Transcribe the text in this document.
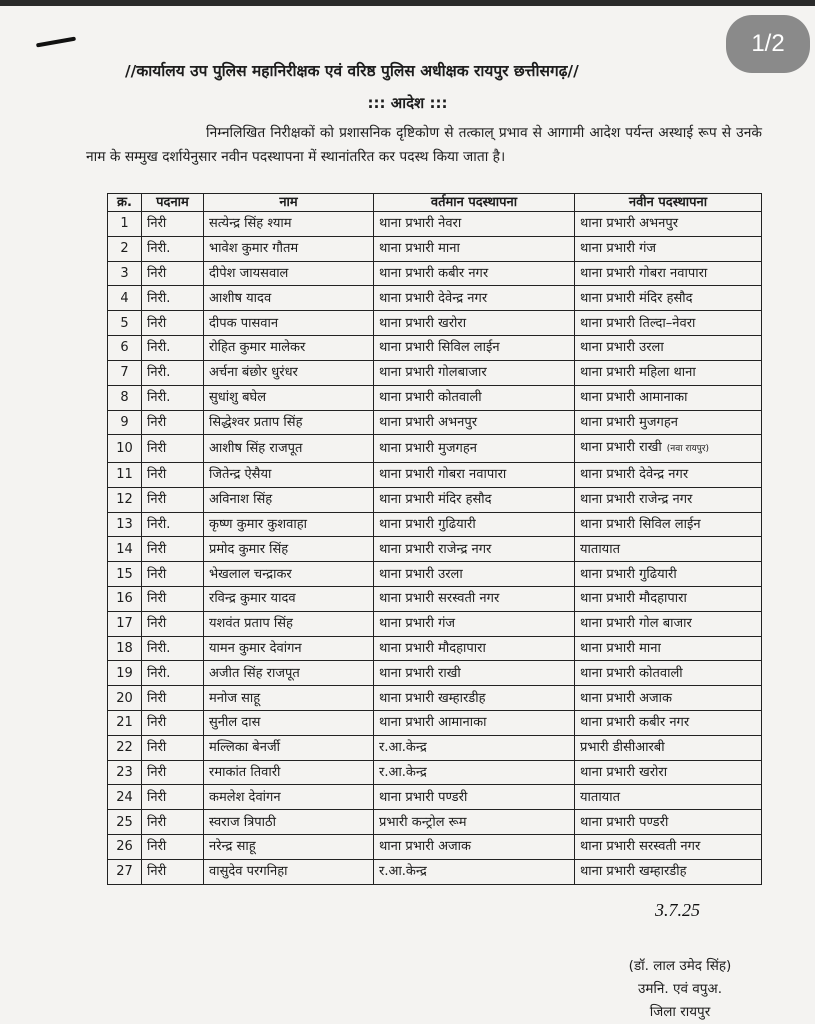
1/2
//कार्यालय उप पुलिस महानिरीक्षक एवं वरिष्ठ पुलिस अधीक्षक रायपुर छत्तीसगढ़//
::: आदेश :::
निम्नलिखित निरीक्षकों को प्रशासनिक दृष्टिकोण से तत्काल् प्रभाव से आगामी आदेश पर्यन्त अस्थाई रूप से उनके नाम के सम्मुख दर्शायेनुसार नवीन पदस्थापना में स्थानांतरित कर पदस्थ किया जाता है।
क्र.	पदनाम	नाम	वर्तमान पदस्थापना	नवीन पदस्थापना
1	निरी	सत्येन्द्र सिंह श्याम	थाना प्रभारी नेवरा	थाना प्रभारी अभनपुर
2	निरी.	भावेश कुमार गौतम	थाना प्रभारी माना	थाना प्रभारी गंज
3	निरी	दीपेश जायसवाल	थाना प्रभारी कबीर नगर	थाना प्रभारी गोबरा नवापारा
4	निरी.	आशीष यादव	थाना प्रभारी देवेन्द्र नगर	थाना प्रभारी मंदिर हसौद
5	निरी	दीपक पासवान	थाना प्रभारी खरोरा	थाना प्रभारी तिल्दा–नेवरा
6	निरी.	रोहित कुमार मालेकर	थाना प्रभारी सिविल लाईन	थाना प्रभारी उरला
7	निरी.	अर्चना बंछोर धुरंधर	थाना प्रभारी गोलबाजार	थाना प्रभारी महिला थाना
8	निरी.	सुधांशु बघेल	थाना प्रभारी कोतवाली	थाना प्रभारी आमानाका
9	निरी	सिद्धेश्वर प्रताप सिंह	थाना प्रभारी अभनपुर	थाना प्रभारी मुजगहन
10	निरी	आशीष सिंह राजपूत	थाना प्रभारी मुजगहन	थाना प्रभारी राखी (नवा रायपुर)
11	निरी	जितेन्द्र ऐसैया	थाना प्रभारी गोबरा नवापारा	थाना प्रभारी देवेन्द्र नगर
12	निरी	अविनाश सिंह	थाना प्रभारी मंदिर हसौद	थाना प्रभारी राजेन्द्र नगर
13	निरी.	कृष्ण कुमार कुशवाहा	थाना प्रभारी गुढियारी	थाना प्रभारी सिविल लाईन
14	निरी	प्रमोद कुमार सिंह	थाना प्रभारी राजेन्द्र नगर	यातायात
15	निरी	भेखलाल चन्द्राकर	थाना प्रभारी उरला	थाना प्रभारी गुढियारी
16	निरी	रविन्द्र कुमार यादव	थाना प्रभारी सरस्वती नगर	थाना प्रभारी मौदहापारा
17	निरी	यशवंत प्रताप सिंह	थाना प्रभारी गंज	थाना प्रभारी गोल बाजार
18	निरी.	यामन कुमार देवांगन	थाना प्रभारी मौदहापारा	थाना प्रभारी माना
19	निरी.	अजीत सिंह राजपूत	थाना प्रभारी राखी	थाना प्रभारी कोतवाली
20	निरी	मनोज साहू	थाना प्रभारी खम्हारडीह	थाना प्रभारी अजाक
21	निरी	सुनील दास	थाना प्रभारी आमानाका	थाना प्रभारी कबीर नगर
22	निरी	मल्लिका बेनर्जी	र.आ.केन्द्र	प्रभारी डीसीआरबी
23	निरी	रमाकांत तिवारी	र.आ.केन्द्र	थाना प्रभारी खरोरा
24	निरी	कमलेश देवांगन	थाना प्रभारी पण्डरी	यातायात
25	निरी	स्वराज त्रिपाठी	प्रभारी कन्ट्रोल रूम	थाना प्रभारी पण्डरी
26	निरी	नरेन्द्र साहू	थाना प्रभारी अजाक	थाना प्रभारी सरस्वती नगर
27	निरी	वासुदेव परगनिहा	र.आ.केन्द्र	थाना प्रभारी खम्हारडीह
3.7.25
(डॉ. लाल उमेद सिंह)
उमनि. एवं वपुअ.
जिला रायपुर
